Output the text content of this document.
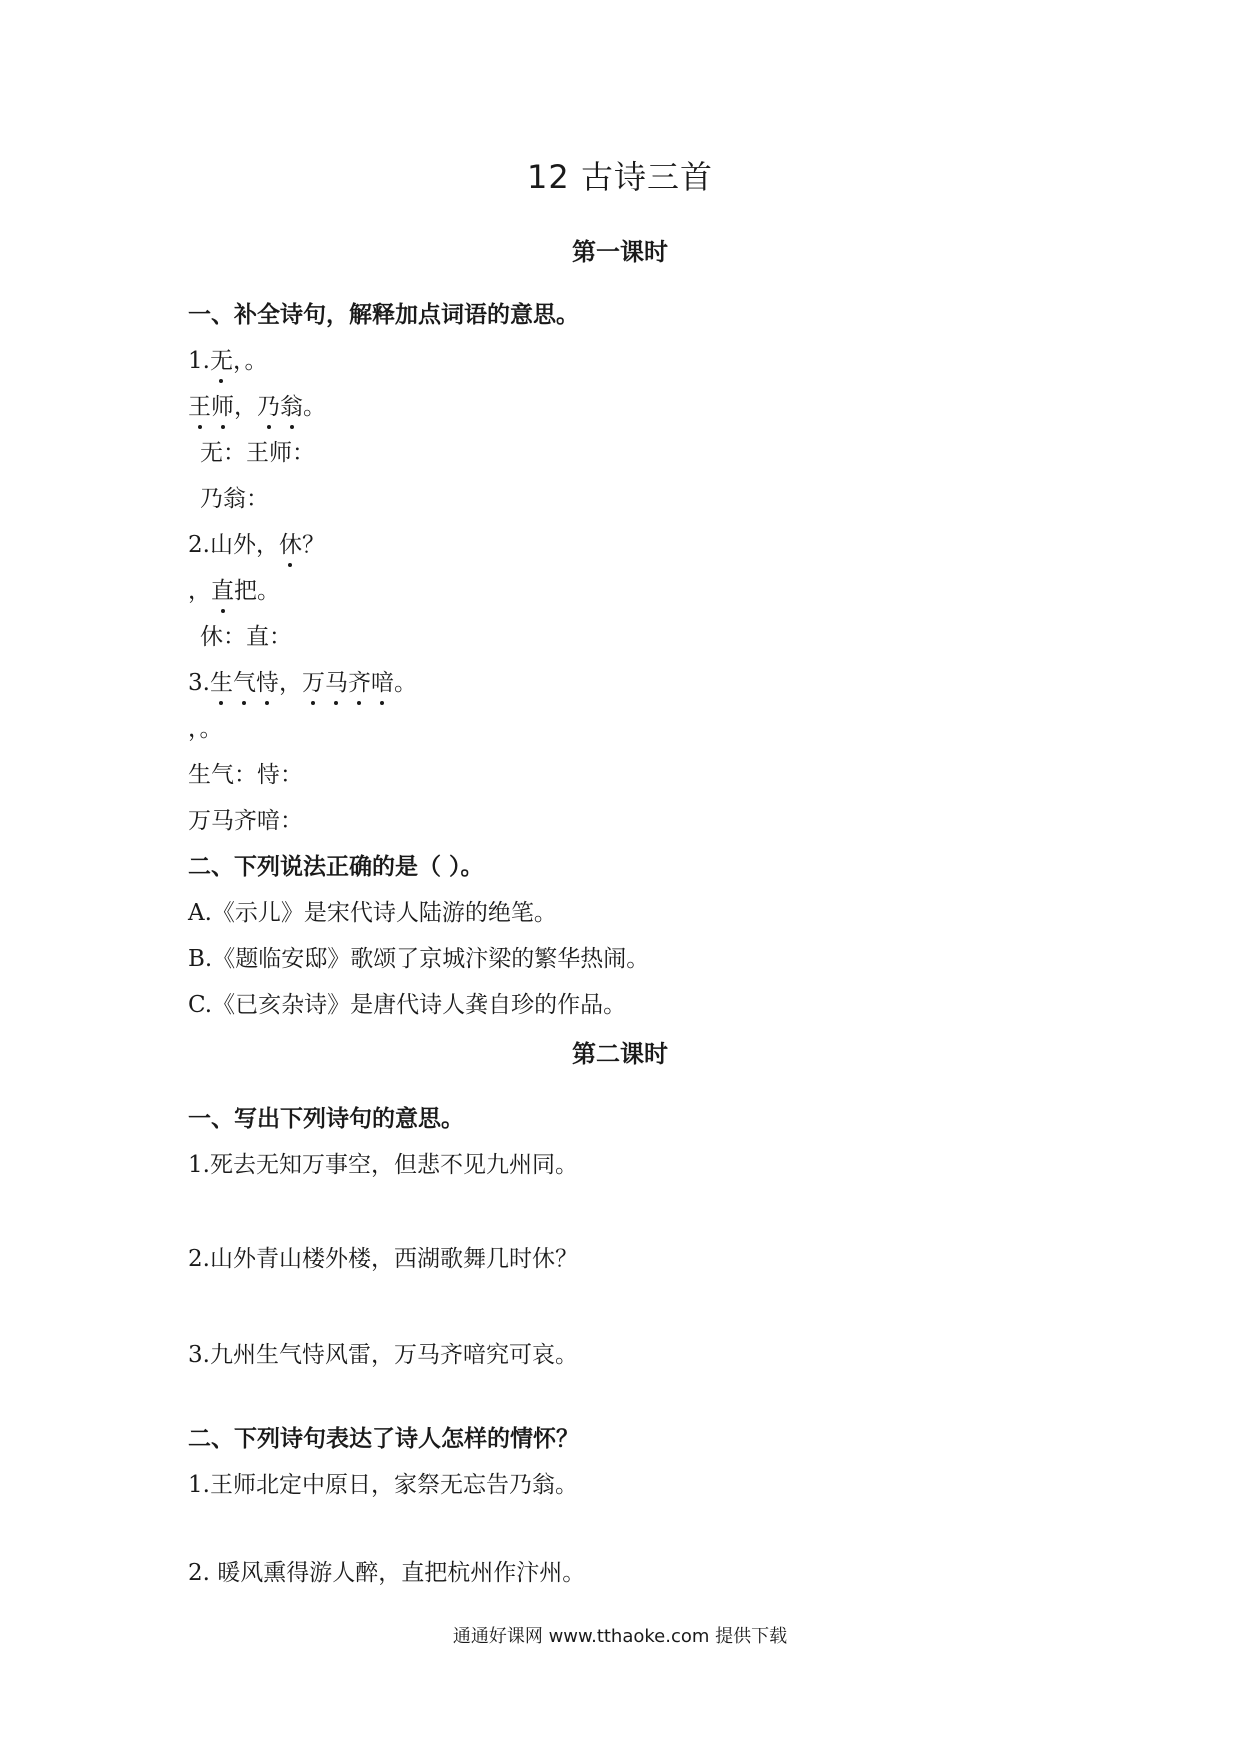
12 古诗三首
第一课时
一、补全诗句，解释加点词语的意思。
1.无，。
王师，乃翁。
无：王师：
乃翁：
2.山外，休？
，直把。
休：直：
3.生气恃，万马齐喑。
，。
生气：恃：
万马齐喑：
二、下列说法正确的是（ ）。
A.《示儿》是宋代诗人陆游的绝笔。
B.《题临安邸》歌颂了京城汴梁的繁华热闹。
C.《已亥杂诗》是唐代诗人龚自珍的作品。
第二课时
一、写出下列诗句的意思。
1.死去无知万事空，但悲不见九州同。
2.山外青山楼外楼，西湖歌舞几时休？
3.九州生气恃风雷，万马齐喑究可哀。
二、下列诗句表达了诗人怎样的情怀？
1.王师北定中原日，家祭无忘告乃翁。
2. 暖风熏得游人醉，直把杭州作汴州。
通通好课网 www.tthaoke.com 提供下载
